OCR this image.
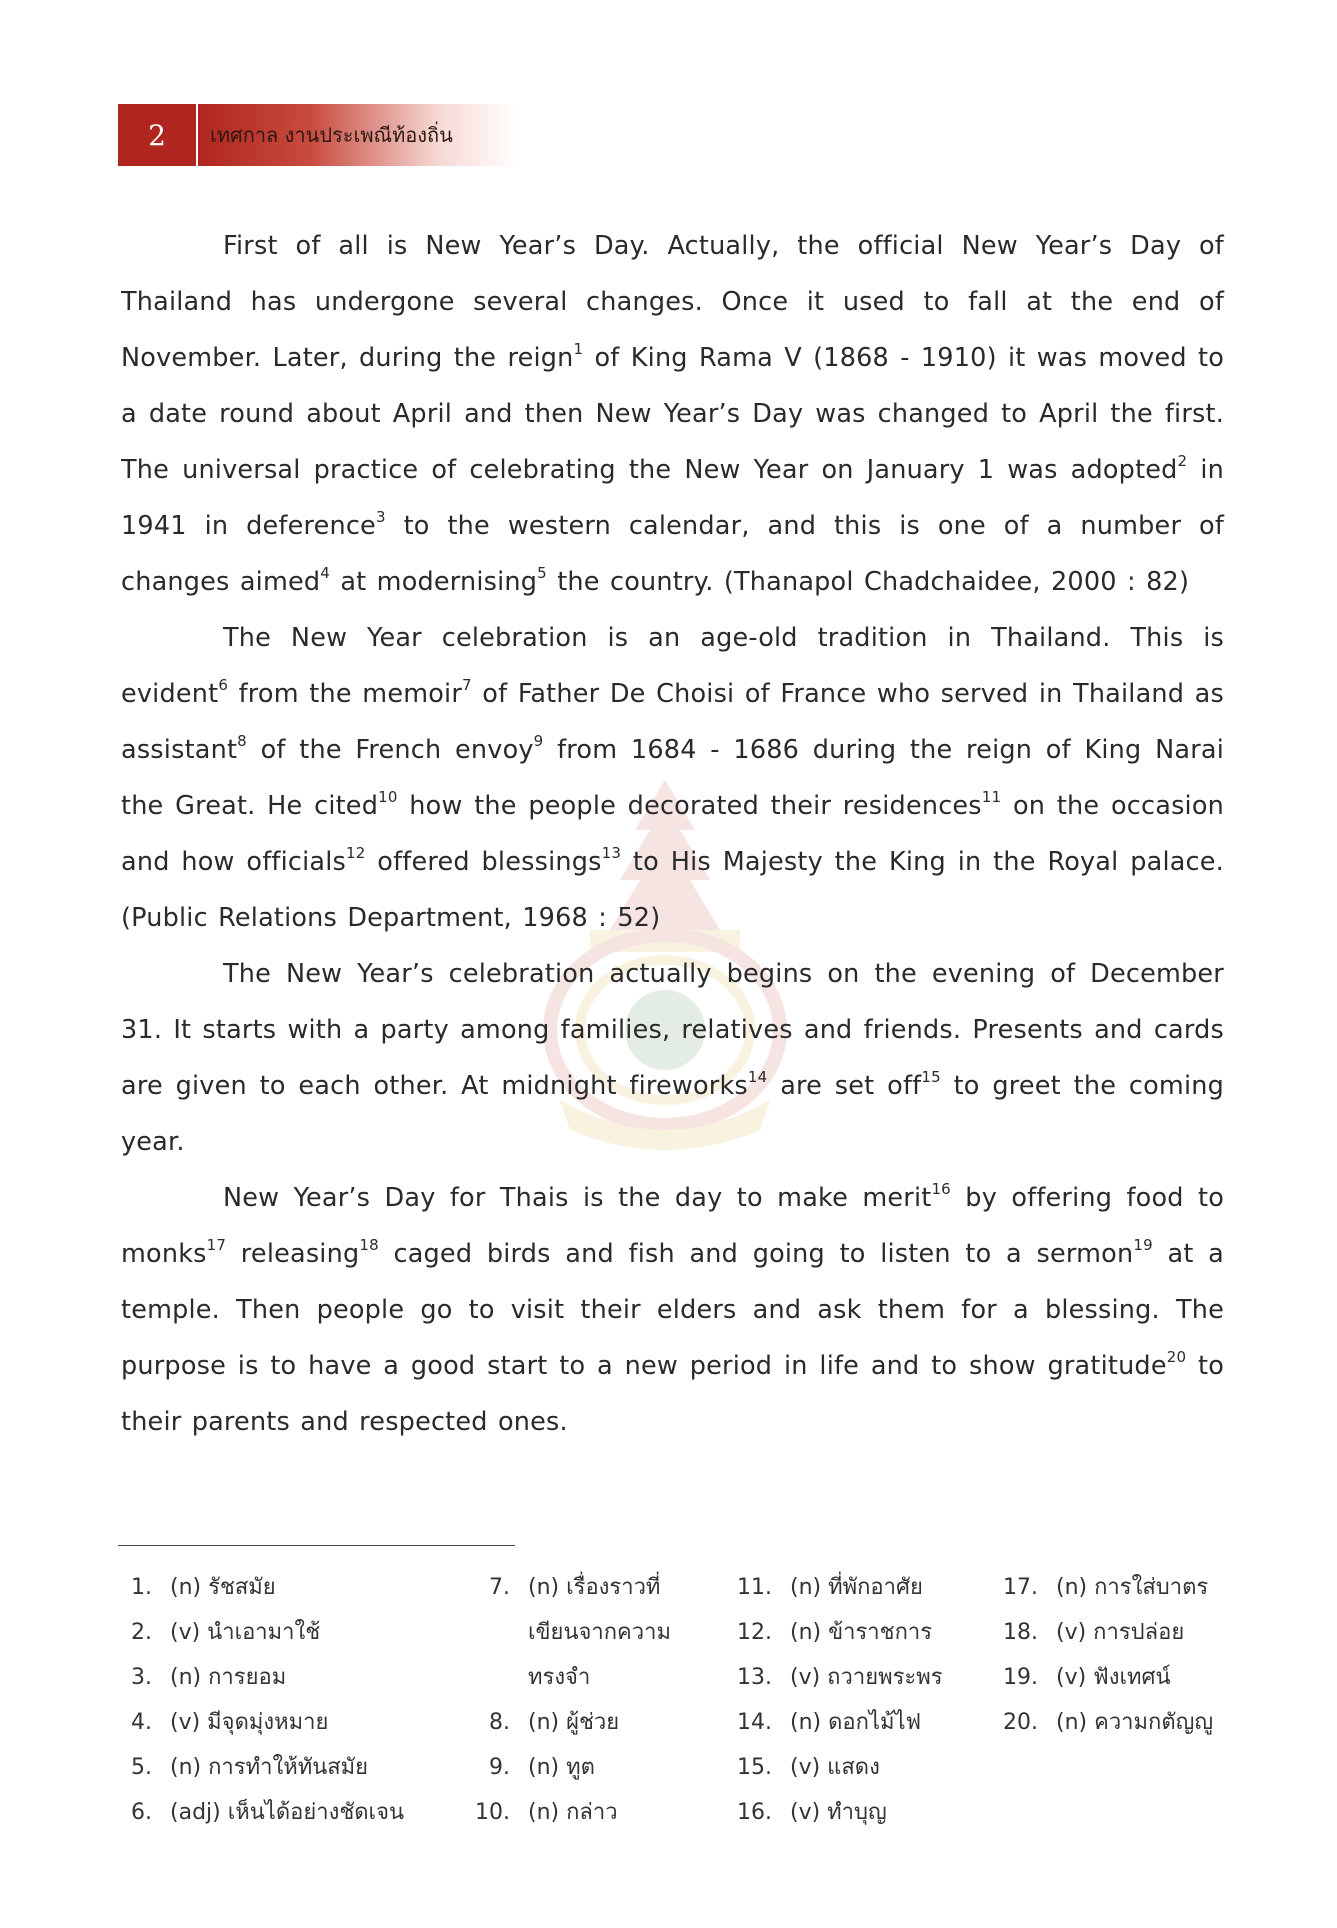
2	เทศกาล งานประเพณีท้องถิ่น

First of all is New Year’s Day. Actually, the official New Year’s Day of Thailand has undergone several changes. Once it used to fall at the end of November. Later, during the reign$^1$ of King Rama V (1868 - 1910) it was moved to a date round about April and then New Year’s Day was changed to April the first. The universal practice of celebrating the New Year on January 1 was adopted$^2$ in 1941 in deference$^3$ to the western calendar, and this is one of a number of changes aimed$^4$ at modernising$^5$ the country. (Thanapol Chadchaidee, 2000 : 82)

The New Year celebration is an age-old tradition in Thailand. This is evident$^6$ from the memoir$^7$ of Father De Choisi of France who served in Thailand as assistant$^8$ of the French envoy$^9$ from 1684 - 1686 during the reign of King Narai the Great. He cited$^{10}$ how the people decorated their residences$^{11}$ on the occasion and how officials$^{12}$ offered blessings$^{13}$ to His Majesty the King in the Royal palace. (Public Relations Department, 1968 : 52)

The New Year’s celebration actually begins on the evening of December 31. It starts with a party among families, relatives and friends. Presents and cards are given to each other. At midnight fireworks$^{14}$ are set off$^{15}$ to greet the coming year.

New Year’s Day for Thais is the day to make merit$^{16}$ by offering food to monks$^{17}$ releasing$^{18}$ caged birds and fish and going to listen to a sermon$^{19}$ at a temple. Then people go to visit their elders and ask them for a blessing. The purpose is to have a good start to a new period in life and to show gratitude$^{20}$ to their parents and respected ones.

1. (n) รัชสมัย
2. (v) นำเอามาใช้
3. (n) การยอม
4. (v) มีจุดมุ่งหมาย
5. (n) การทำให้ทันสมัย
6. (adj) เห็นได้อย่างชัดเจน
7. (n) เรื่องราวที่
เขียนจากความ
ทรงจำ
8. (n) ผู้ช่วย
9. (n) ทูต
10. (n) กล่าว
11. (n) ที่พักอาศัย
12. (n) ข้าราชการ
13. (v) ถวายพระพร
14. (n) ดอกไม้ไฟ
15. (v) แสดง
16. (v) ทำบุญ
17. (n) การใส่บาตร
18. (v) การปล่อย
19. (v) ฟังเทศน์
20. (n) ความกตัญญู
